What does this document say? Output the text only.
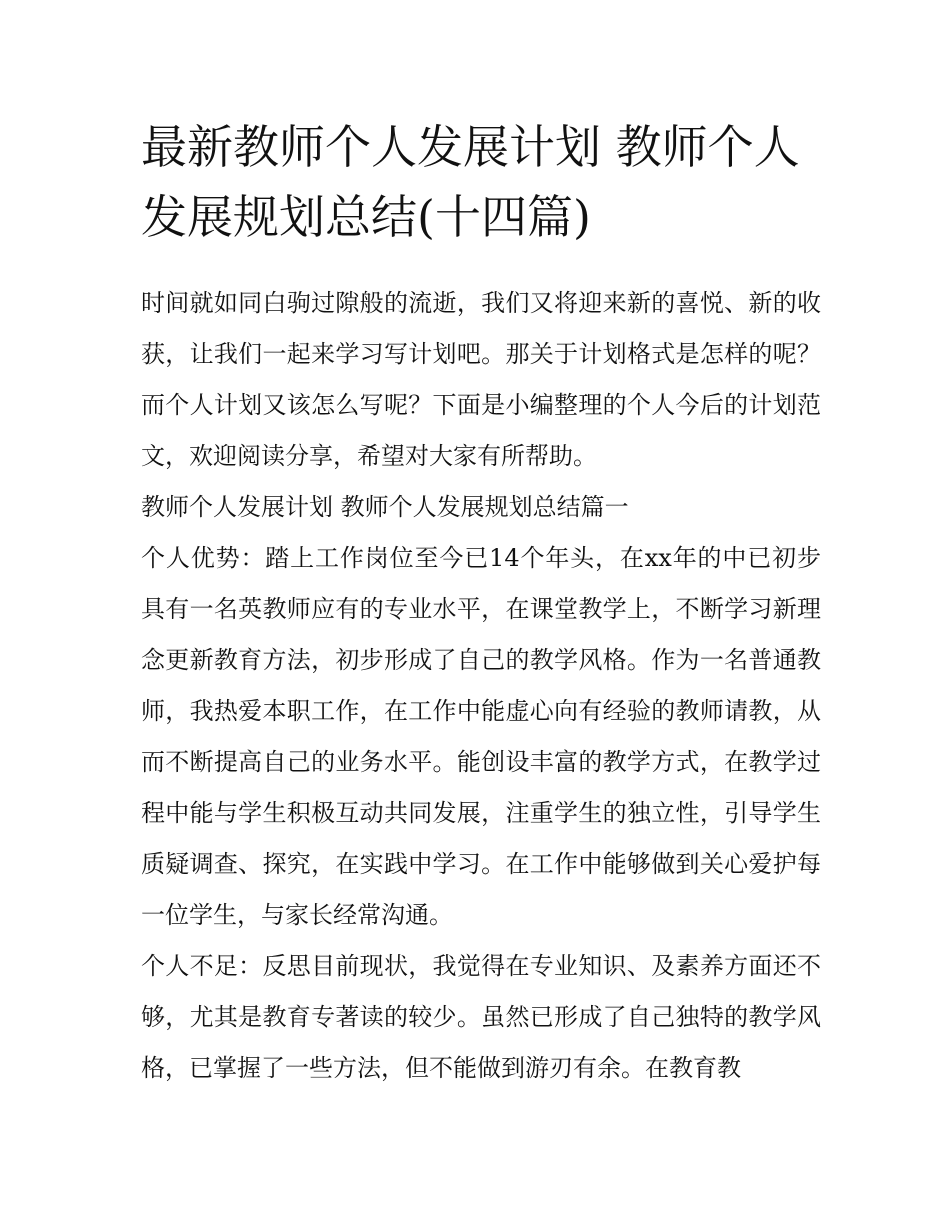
最新教师个人发展计划 教师个人发展规划总结(十四篇)

时间就如同白驹过隙般的流逝，我们又将迎来新的喜悦、新的收获，让我们一起来学习写计划吧。那关于计划格式是怎样的呢？而个人计划又该怎么写呢？下面是小编整理的个人今后的计划范文，欢迎阅读分享，希望对大家有所帮助。

教师个人发展计划 教师个人发展规划总结篇一

个人优势：踏上工作岗位至今已14个年头，在xx年的中已初步具有一名英教师应有的专业水平，在课堂教学上，不断学习新理念更新教育方法，初步形成了自己的教学风格。作为一名普通教师，我热爱本职工作，在工作中能虚心向有经验的教师请教，从而不断提高自己的业务水平。能创设丰富的教学方式，在教学过程中能与学生积极互动共同发展，注重学生的独立性，引导学生质疑调查、探究，在实践中学习。在工作中能够做到关心爱护每一位学生，与家长经常沟通。

个人不足：反思目前现状，我觉得在专业知识、及素养方面还不够，尤其是教育专著读的较少。虽然已形成了自己独特的教学风格，已掌握了一些方法，但不能做到游刃有余。在教育教
